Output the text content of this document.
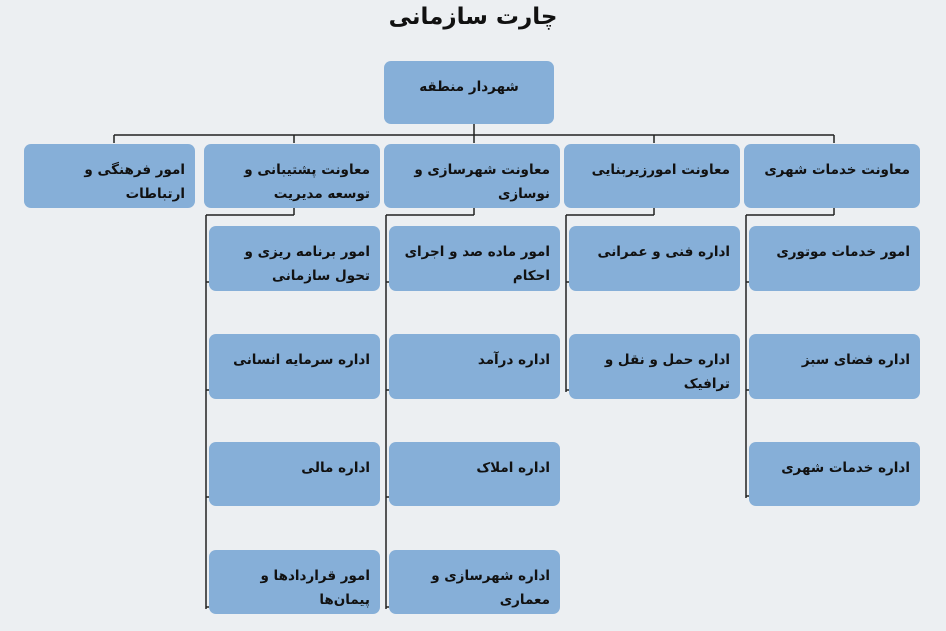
چارت سازمانی
شهردار منطقه
معاونت خدمات شهری
معاونت امورزیربنایی
معاونت شهرسازی و نوسازی
معاونت پشتیبانی و توسعه مدیریت
امور فرهنگی و ارتباطات
امور خدمات موتوری
اداره فضای سبز
اداره خدمات شهری
اداره فنی و عمرانی
اداره حمل و نقل و ترافیک
امور ماده صد و اجرای احکام
اداره درآمد
اداره املاک
اداره شهرسازی و معماری
امور برنامه ریزی و تحول سازمانی
اداره سرمایه انسانی
اداره مالی
امور قراردادها و پیمان‌ها
